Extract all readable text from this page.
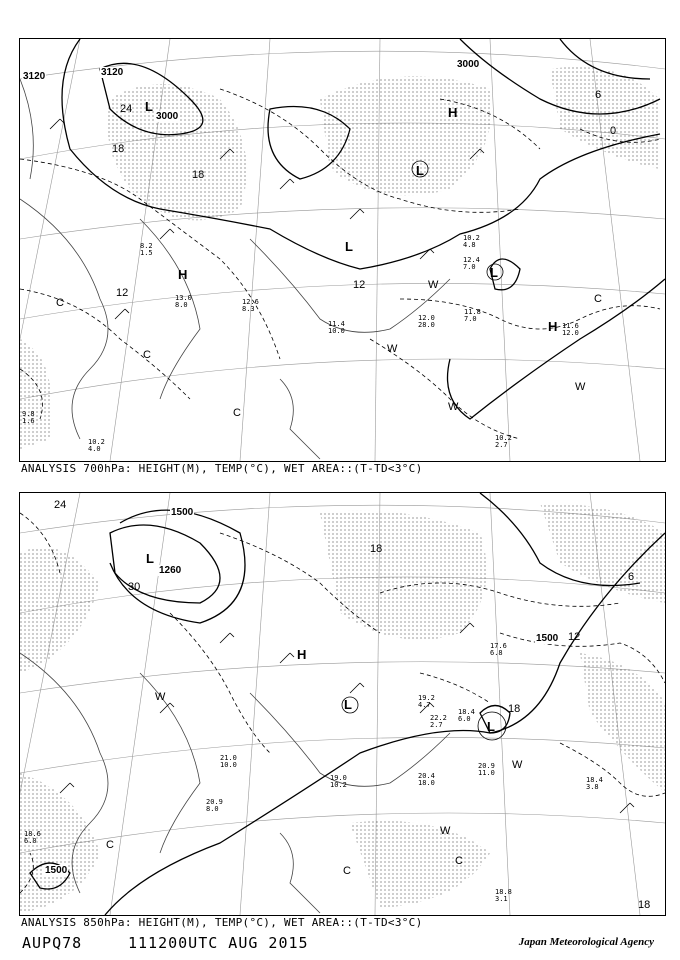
3120
3000
3120
3000
24
18
18
12
12
6
0
L
L
L
L
H
H
H
C
C
C
C
W
W
W
W
10.2
2.7
11.6
12.0
11.8
7.0
12.4
7.0
10.2
4.8
12.0
28.0
11.4
10.0
9.8
1.6
10.2
4.0
8.2
1.5
13.0
8.0	12.6
8.3
ANALYSIS 700hPa: HEIGHT(M), TEMP(°C), WET AREA::(T-TD<3°C)
1500
1260
1500
1500
24
30
18
12
6
18
18
L
L
L
H
C
C
C
W
W
W
18.8
3.1
18.4
3.8
20.9
11.0
20.4
18.0
19.0
10.2
18.4
6.0
21.0
10.0
19.2
4.7
22.2
2.7
17.6
6.8
20.9
8.0
18.6
6.0
ANALYSIS 850hPa: HEIGHT(M), TEMP(°C), WET AREA::(T-TD<3°C)
AUPQ78	111200UTC AUG 2015	Japan Meteorological Agency
